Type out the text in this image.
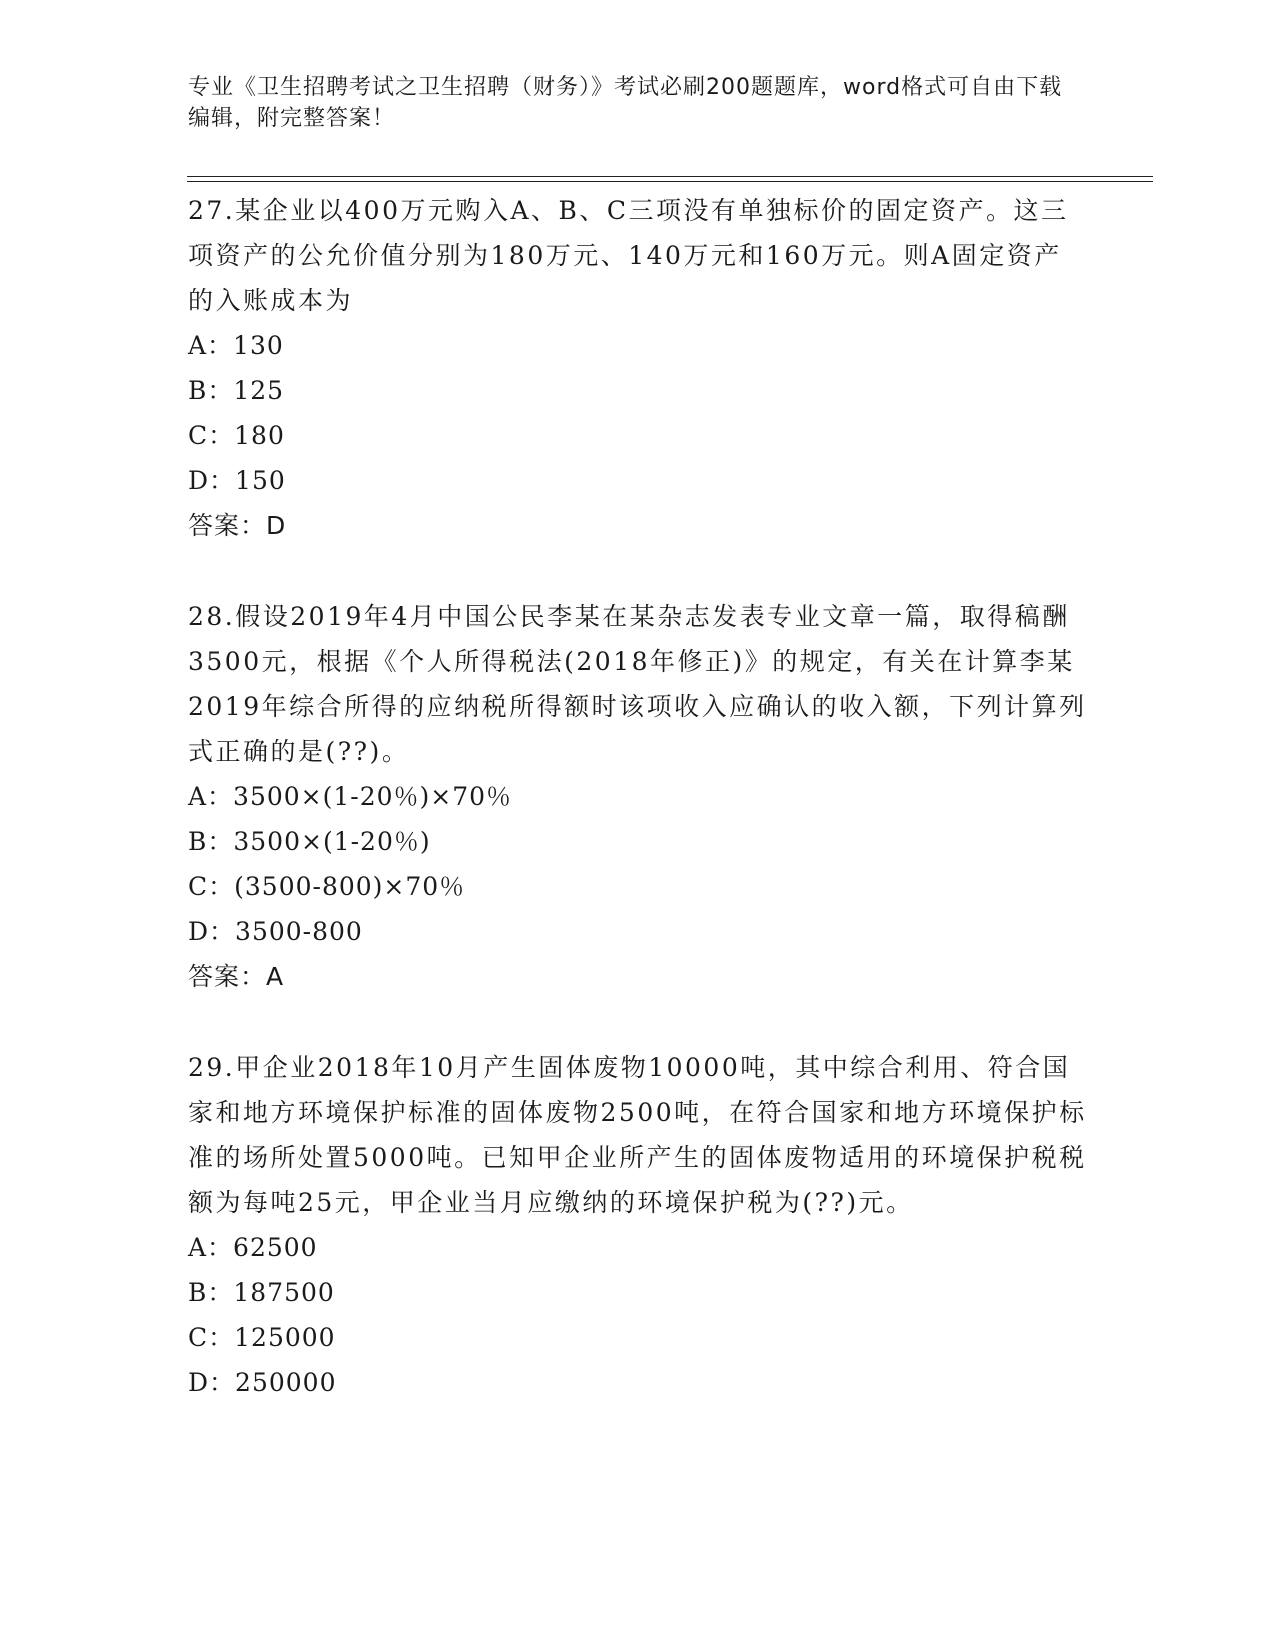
专业《卫生招聘考试之卫生招聘（财务）》考试必刷200题题库，word格式可自由下载编辑，附完整答案！

27.某企业以400万元购入A、B、C三项没有单独标价的固定资产。这三项资产的公允价值分别为180万元、140万元和160万元。则A固定资产的入账成本为

A：130

B：125

C：180

D：150

答案：D

28.假设2019年4月中国公民李某在某杂志发表专业文章一篇，取得稿酬3500元，根据《个人所得税法(2018年修正)》的规定，有关在计算李某2019年综合所得的应纳税所得额时该项收入应确认的收入额，下列计算列式正确的是(??)。

A：3500×(1-20％)×70％

B：3500×(1-20％)

C：(3500-800)×70％

D：3500-800

答案：A

29.甲企业2018年10月产生固体废物10000吨，其中综合利用、符合国家和地方环境保护标准的固体废物2500吨，在符合国家和地方环境保护标准的场所处置5000吨。已知甲企业所产生的固体废物适用的环境保护税税额为每吨25元，甲企业当月应缴纳的环境保护税为(??)元。

A：62500

B：187500

C：125000

D：250000
